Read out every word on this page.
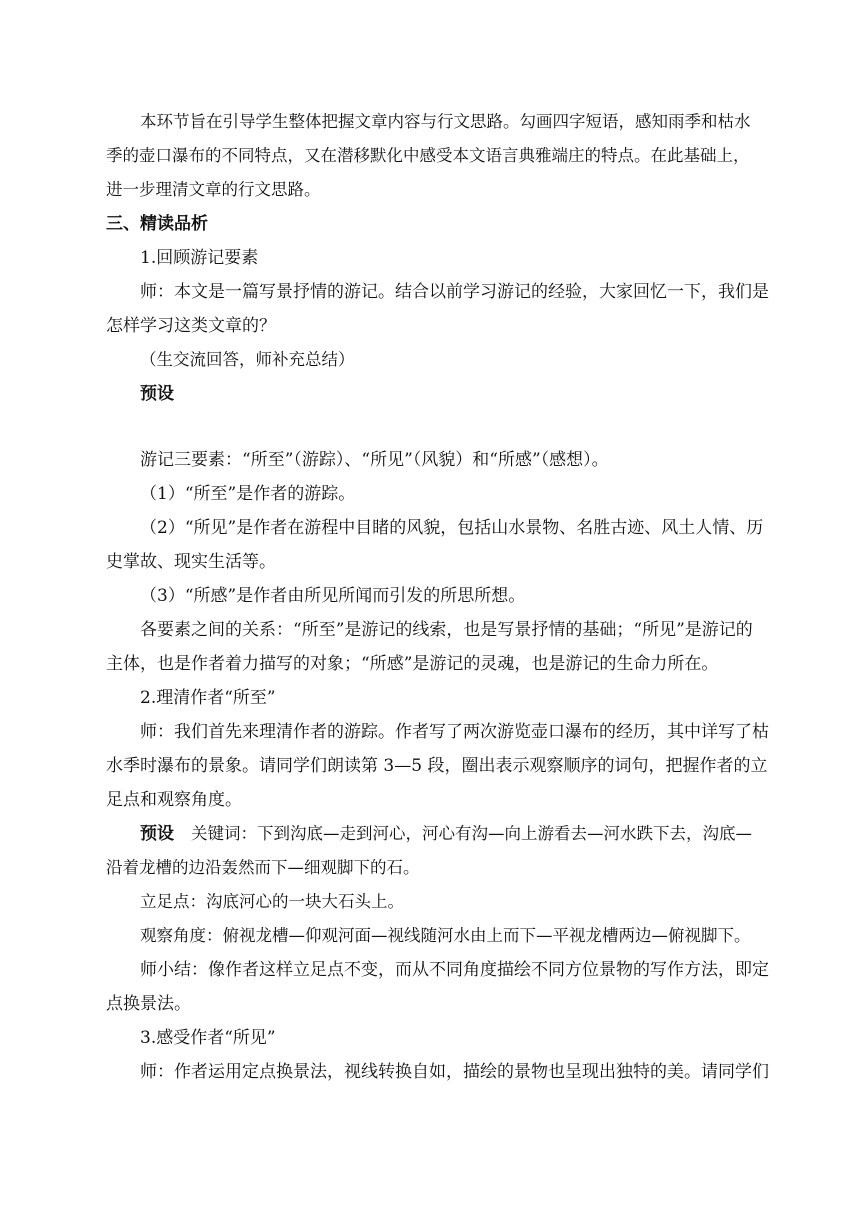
本环节旨在引导学生整体把握文章内容与行文思路。勾画四字短语，感知雨季和枯水
季的壶口瀑布的不同特点，又在潜移默化中感受本文语言典雅端庄的特点。在此基础上，
进一步理清文章的行文思路。
三、精读品析
1.回顾游记要素
师：本文是一篇写景抒情的游记。结合以前学习游记的经验，大家回忆一下，我们是
怎样学习这类文章的？
（生交流回答，师补充总结）
预设
游记三要素：“所至”（游踪）、“所见”（风貌）和“所感”（感想）。
（1）“所至”是作者的游踪。
（2）“所见”是作者在游程中目睹的风貌，包括山水景物、名胜古迹、风土人情、历
史掌故、现实生活等。
（3）“所感”是作者由所见所闻而引发的所思所想。
各要素之间的关系：“所至”是游记的线索，也是写景抒情的基础；“所见”是游记的
主体，也是作者着力描写的对象；“所感”是游记的灵魂，也是游记的生命力所在。
2.理清作者“所至”
师：我们首先来理清作者的游踪。作者写了两次游览壶口瀑布的经历，其中详写了枯
水季时瀑布的景象。请同学们朗读第 3—5 段，圈出表示观察顺序的词句，把握作者的立
足点和观察角度。
预设  关键词：下到沟底—走到河心，河心有沟—向上游看去—河水跌下去，沟底—
沿着龙槽的边沿轰然而下—细观脚下的石。
立足点：沟底河心的一块大石头上。
观察角度：俯视龙槽—仰观河面—视线随河水由上而下—平视龙槽两边—俯视脚下。
师小结：像作者这样立足点不变，而从不同角度描绘不同方位景物的写作方法，即定
点换景法。
3.感受作者“所见”
师：作者运用定点换景法，视线转换自如，描绘的景物也呈现出独特的美。请同学们
